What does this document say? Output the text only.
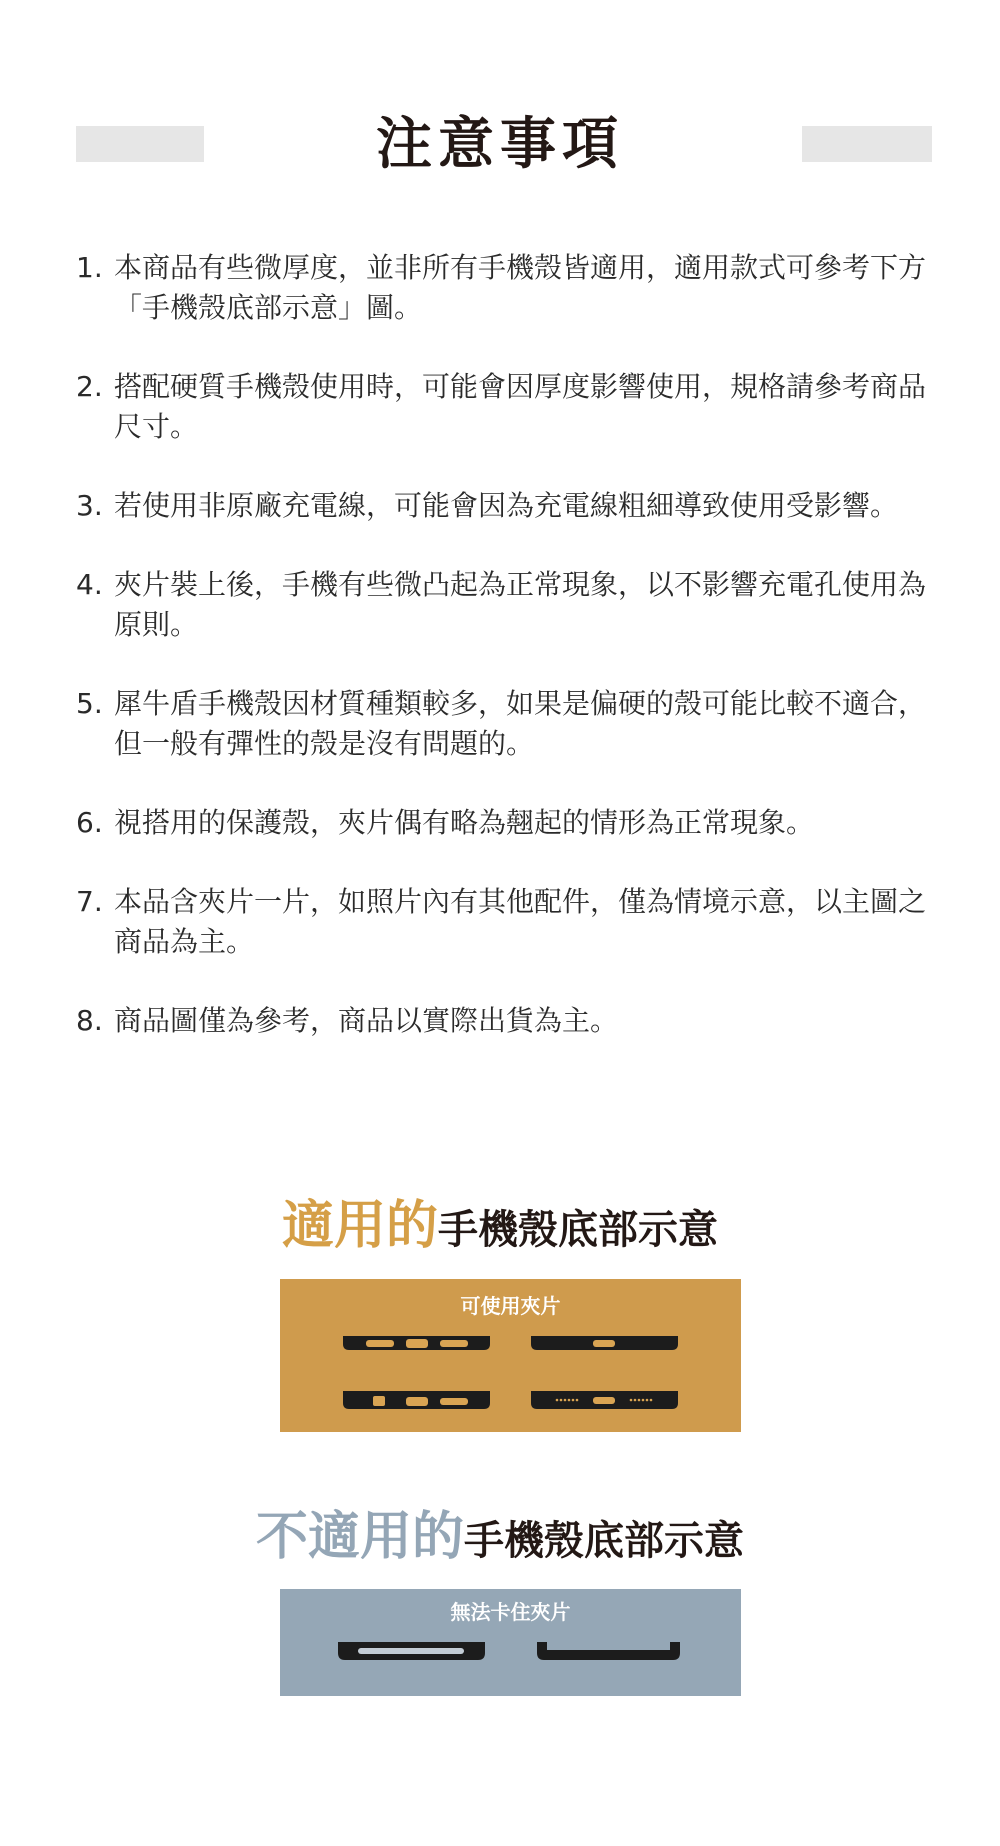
注意事項
1. 本商品有些微厚度，並非所有手機殼皆適用，適用款式可參考下方「手機殼底部示意」圖。
2. 搭配硬質手機殼使用時，可能會因厚度影響使用，規格請參考商品尺寸。
3. 若使用非原廠充電線，可能會因為充電線粗細導致使用受影響。
4. 夾片裝上後，手機有些微凸起為正常現象，以不影響充電孔使用為原則。
5. 犀牛盾手機殼因材質種類較多，如果是偏硬的殼可能比較不適合，但一般有彈性的殼是沒有問題的。
6. 視搭用的保護殼，夾片偶有略為翹起的情形為正常現象。
7. 本品含夾片一片，如照片內有其他配件，僅為情境示意，以主圖之商品為主。
8. 商品圖僅為參考，商品以實際出貨為主。
適用的手機殼底部示意
可使用夾片
不適用的手機殼底部示意
無法卡住夾片
